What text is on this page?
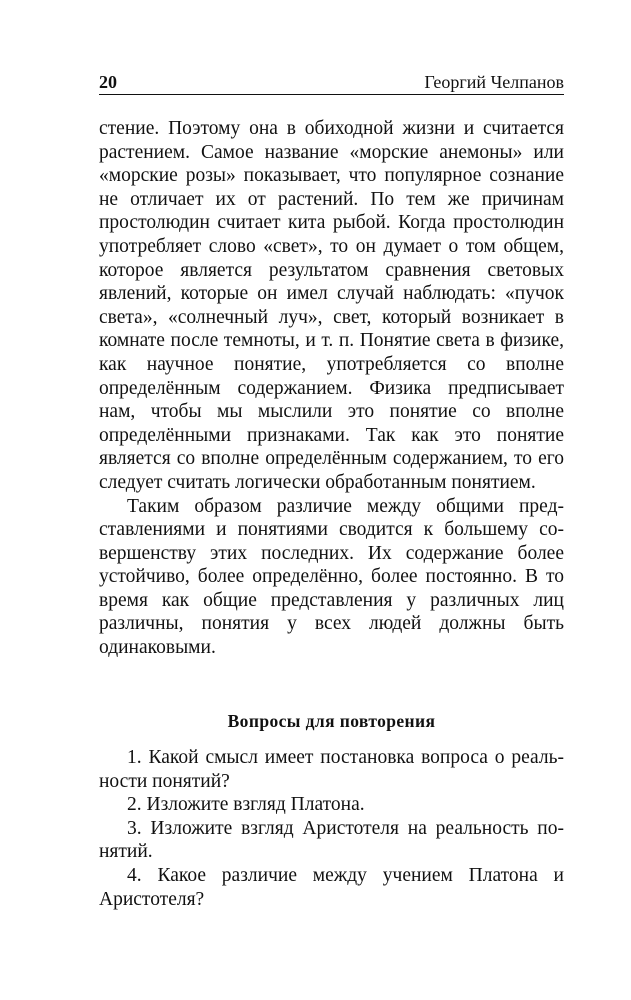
20	Георгий Челпанов

стение. Поэтому она в обиходной жизни и считается растением. Самое название «морские анемоны» или «морские розы» показывает, что популярное сознание не отличает их от растений. По тем же причинам простолюдин считает кита рыбой. Когда простолюдин употребляет слово «свет», то он думает о том общем, которое является результатом сравнения световых явлений, которые он имел случай наблюдать: «пучок света», «солнечный луч», свет, который возникает в комнате после темноты, и т. п. Понятие света в физике, как научное понятие, употребляется со вполне определённым содержанием. Физика предписывает нам, чтобы мы мыслили это понятие со вполне определёнными признаками. Так как это понятие является со вполне определённым содержанием, то его следует считать логически обработанным понятием.

Таким образом различие между общими представлениями и понятиями сводится к большему совершенству этих последних. Их содержание более устойчиво, более определённо, более постоянно. В то время как общие представления у различных лиц различны, понятия у всех людей должны быть одинаковыми.

Вопросы для повторения

1. Какой смысл имеет постановка вопроса о реальности понятий?

2. Изложите взгляд Платона.

3. Изложите взгляд Аристотеля на реальность понятий.

4. Какое различие между учением Платона и Аристотеля?
